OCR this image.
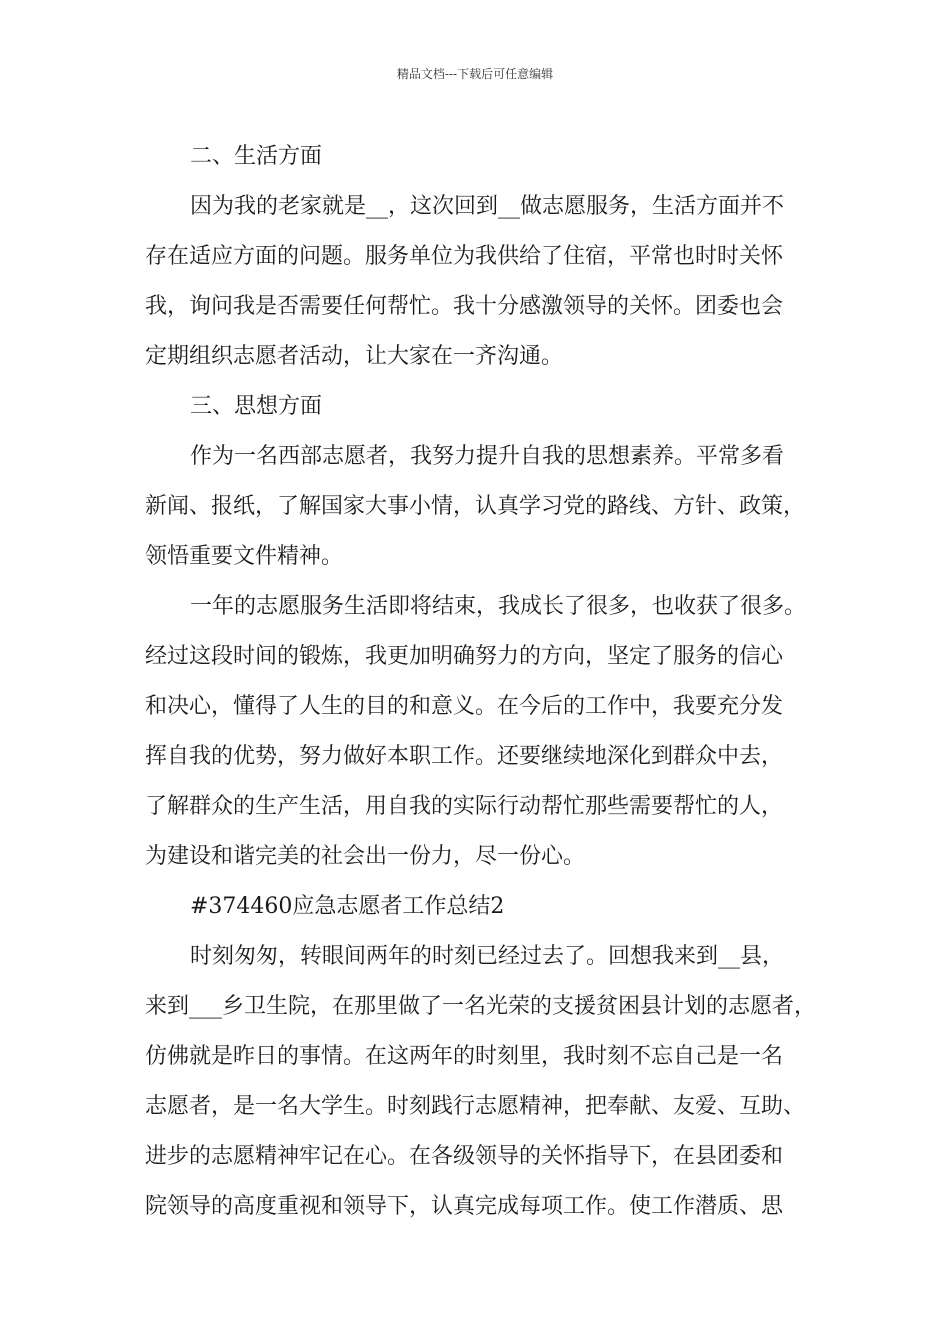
精品文档---下载后可任意编辑
二、生活方面
因为我的老家就是__，这次回到__做志愿服务，生活方面并不
存在适应方面的问题。服务单位为我供给了住宿，平常也时时关怀
我，询问我是否需要任何帮忙。我十分感激领导的关怀。团委也会
定期组织志愿者活动，让大家在一齐沟通。
三、思想方面
作为一名西部志愿者，我努力提升自我的思想素养。平常多看
新闻、报纸，了解国家大事小情，认真学习党的路线、方针、政策，
领悟重要文件精神。
一年的志愿服务生活即将结束，我成长了很多，也收获了很多。
经过这段时间的锻炼，我更加明确努力的方向，坚定了服务的信心
和决心，懂得了人生的目的和意义。在今后的工作中，我要充分发
挥自我的优势，努力做好本职工作。还要继续地深化到群众中去，
了解群众的生产生活，用自我的实际行动帮忙那些需要帮忙的人，
为建设和谐完美的社会出一份力，尽一份心。
#374460应急志愿者工作总结2
时刻匆匆，转眼间两年的时刻已经过去了。回想我来到__县，
来到___乡卫生院，在那里做了一名光荣的支援贫困县计划的志愿者，
仿佛就是昨日的事情。在这两年的时刻里，我时刻不忘自己是一名
志愿者，是一名大学生。时刻践行志愿精神，把奉献、友爱、互助、
进步的志愿精神牢记在心。在各级领导的关怀指导下，在县团委和
院领导的高度重视和领导下，认真完成每项工作。使工作潜质、思
